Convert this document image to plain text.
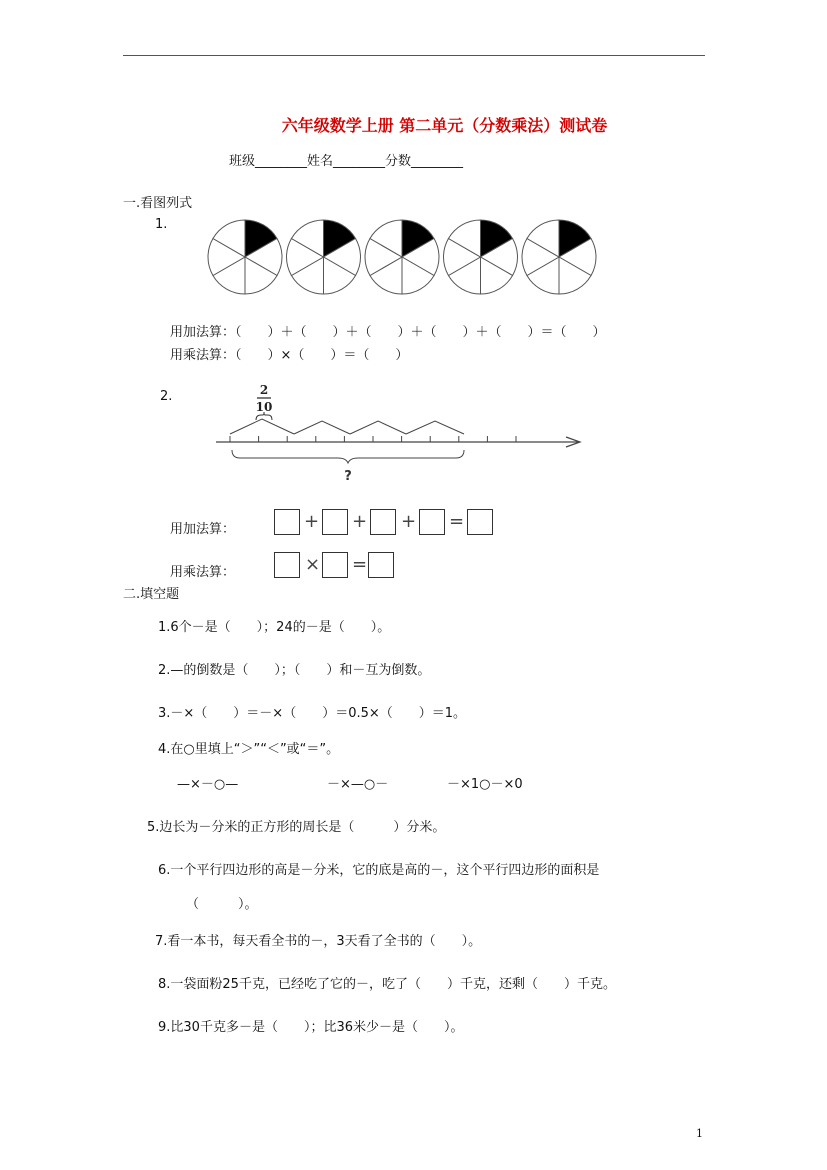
六年级数学上册 第二单元（分数乘法）测试卷
班级________姓名________分数________
一.看图列式
1.
用加法算：（　　）＋（　　）＋（　　）＋（　　）＋（　　）＝（　　）
用乘法算：（　　）×（　　）＝（　　）
2.	2
10
?
用加法算：	+ + + =
用乘法算：	× =
二.填空题
1.6个－是（　　）；24的－是（　　）。
2.—的倒数是（　　）；（　　）和－互为倒数。
3.－×（　　）＝－×（　　）＝0.5×（　　）＝1。
4.在○里填上“＞”“＜”或“＝”。
—×－○—	－×—○－	－×1○－×0
5.边长为－分米的正方形的周长是（　　　）分米。
6.一个平行四边形的高是－分米，它的底是高的－，这个平行四边形的面积是
（　　　）。
7.看一本书，每天看全书的－，3天看了全书的（　　）。
8.一袋面粉25千克，已经吃了它的－，吃了（　　）千克，还剩（　　）千克。
9.比30千克多－是（　　）；比36米少－是（　　）。
1
